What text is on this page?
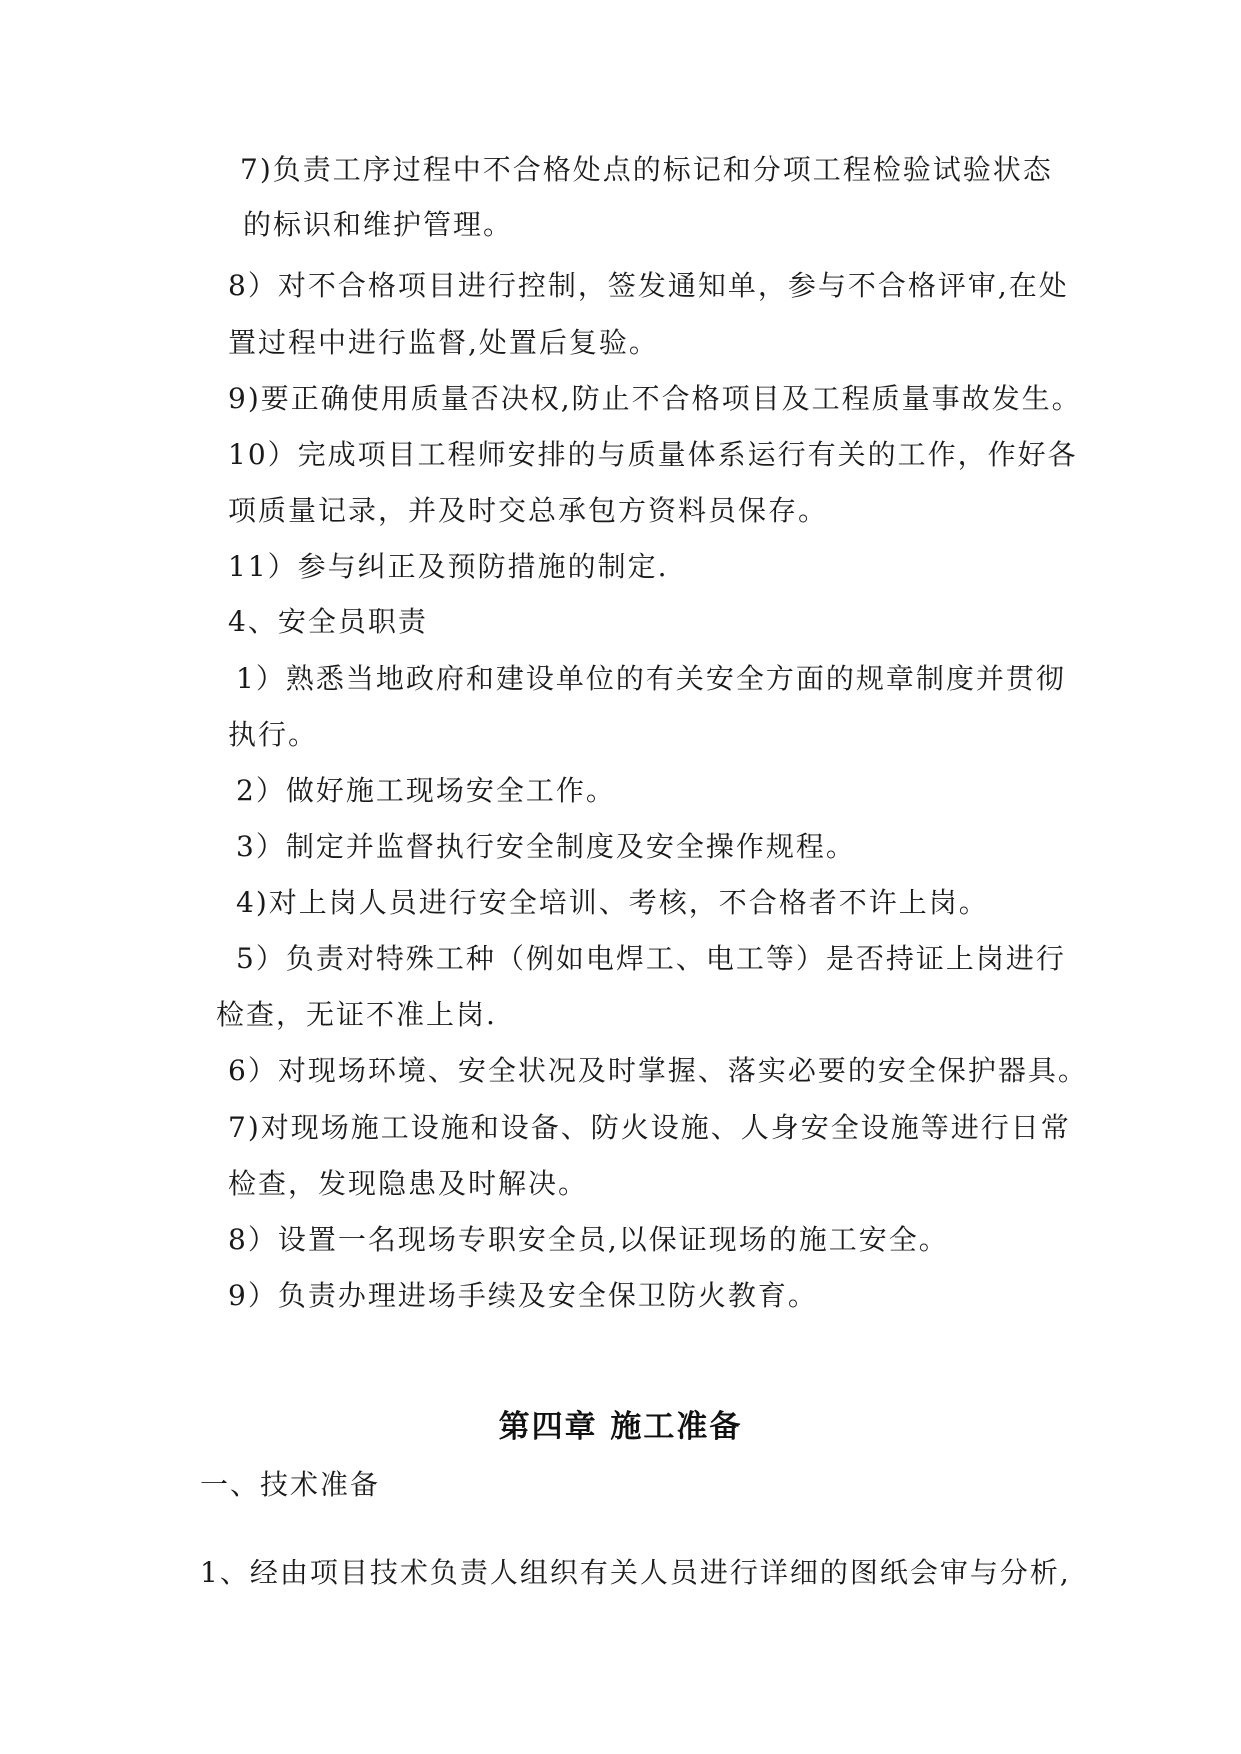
7)负责工序过程中不合格处点的标记和分项工程检验试验状态
的标识和维护管理。
8）对不合格项目进行控制，签发通知单，参与不合格评审,在处
置过程中进行监督,处置后复验。
9)要正确使用质量否决权,防止不合格项目及工程质量事故发生。
10）完成项目工程师安排的与质量体系运行有关的工作，作好各
项质量记录，并及时交总承包方资料员保存。
11）参与纠正及预防措施的制定.
4、安全员职责
1）熟悉当地政府和建设单位的有关安全方面的规章制度并贯彻
执行。
2）做好施工现场安全工作。
3）制定并监督执行安全制度及安全操作规程。
4)对上岗人员进行安全培训、考核，不合格者不许上岗。
5）负责对特殊工种（例如电焊工、电工等）是否持证上岗进行
检查，无证不准上岗.
6）对现场环境、安全状况及时掌握、落实必要的安全保护器具。
7)对现场施工设施和设备、防火设施、人身安全设施等进行日常
检查，发现隐患及时解决。
8）设置一名现场专职安全员,以保证现场的施工安全。
9）负责办理进场手续及安全保卫防火教育。
第四章 施工准备
一、技术准备
1、经由项目技术负责人组织有关人员进行详细的图纸会审与分析,
